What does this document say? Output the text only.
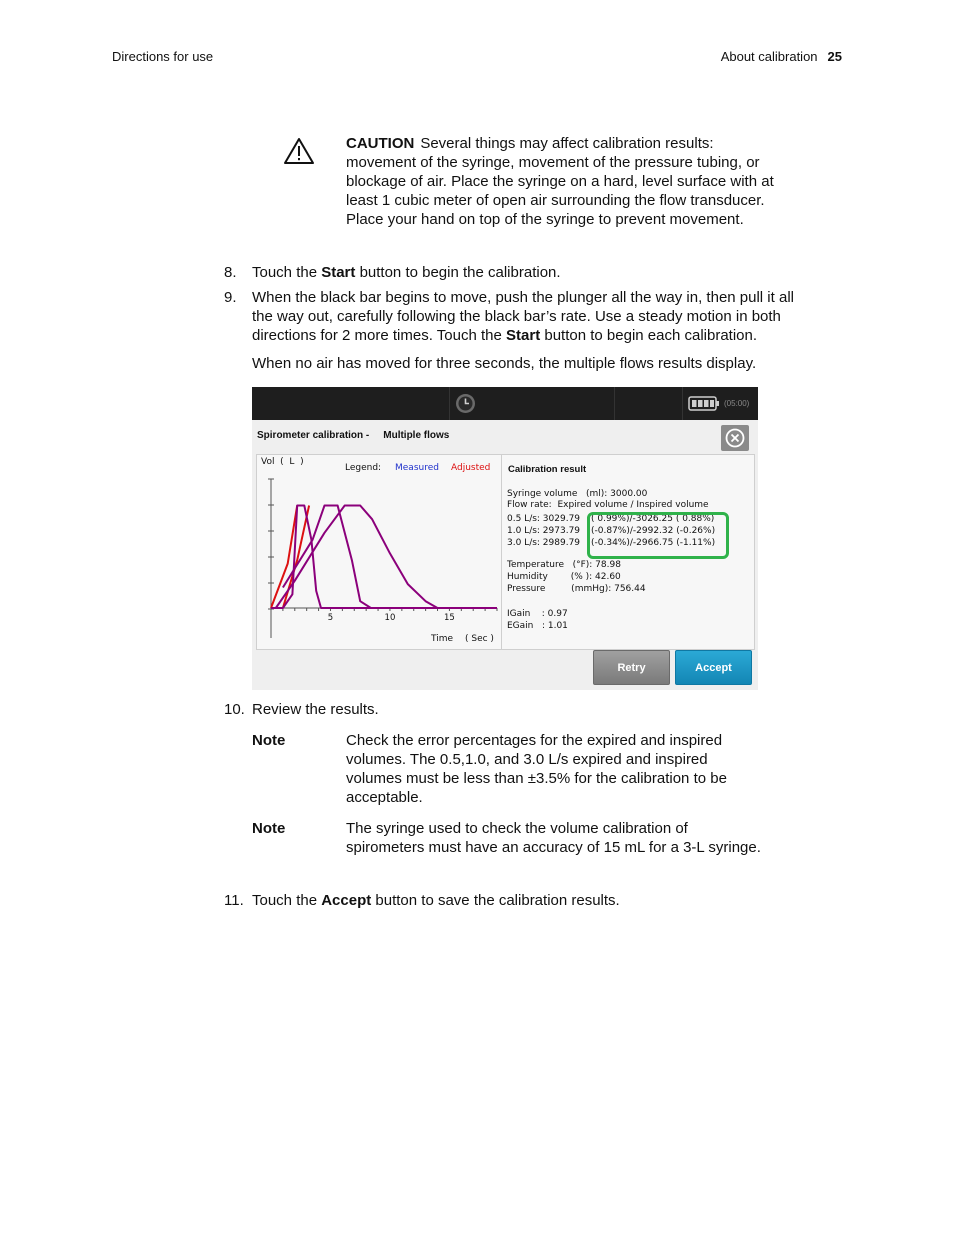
Directions for use	About calibration 25
CAUTION Several things may affect calibration results: movement of the syringe, movement of the pressure tubing, or blockage of air. Place the syringe on a hard, level surface with at least 1 cubic meter of open air surrounding the flow transducer. Place your hand on top of the syringe to prevent movement.
8.	Touch the Start button to begin the calibration.
9.	When the black bar begins to move, push the plunger all the way in, then pull it all
the way out, carefully following the black bar’s rate. Use a steady motion in both
directions for 2 more times. Touch the Start button to begin each calibration.
When no air has moved for three seconds, the multiple flows results display.
(05:00)
Spirometer calibration - Multiple flows
Vol  (  L  )
Legend: Measured Adjusted
5	10	15
Time ( Sec )
Calibration result
Syringe volume   (ml): 3000.00
Flow rate:  Expired volume / Inspired volume
0.5 L/s: 3029.79 ( 0.99%)/-3026.25 ( 0.88%)
1.0 L/s: 2973.79 (-0.87%)/-2992.32 (-0.26%)
3.0 L/s: 2989.79 (-0.34%)/-2966.75 (-1.11%)
Temperature   (°F): 78.98
Humidity        (% ): 42.60
Pressure         (mmHg): 756.44
IGain    : 0.97
EGain   : 1.01
Retry	Accept
10. Review the results.
Note	Check the error percentages for the expired and inspired volumes. The 0.5,1.0, and 3.0 L/s expired and inspired volumes must be less than ±3.5% for the calibration to be acceptable.
Note	The syringe used to check the volume calibration of spirometers must have an accuracy of 15 mL for a 3-L syringe.
11. Touch the Accept button to save the calibration results.
